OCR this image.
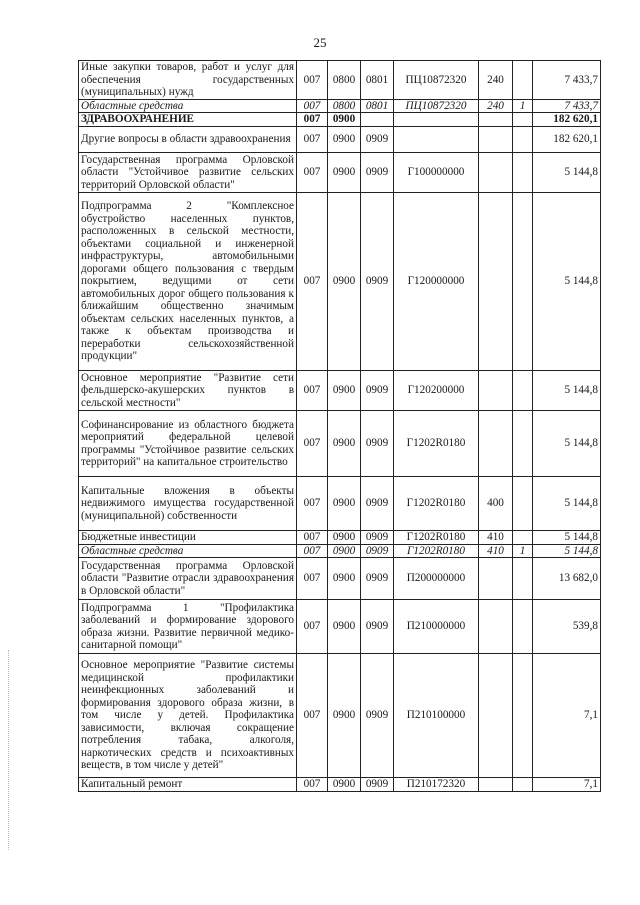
25
Иные закупки товаров, работ и услуг для обеспечения государственных (муниципальных) нужд	007	0800	0801	ПЦ10872320	240		7 433,7
Областные средства	007	0800	0801	ПЦ10872320	240	1	7 433,7
ЗДРАВООХРАНЕНИЕ	007	0900					182 620,1
Другие вопросы в области здравоохранения	007	0900	0909				182 620,1
Государственная программа Орловской области "Устойчивое развитие сельских территорий Орловской области"	007	0900	0909	Г100000000			5 144,8
Подпрограмма 2 "Комплексное обустройство населенных пунктов, расположенных в сельской местности, объектами социальной и инженерной инфраструктуры, автомобильными дорогами общего пользования с твердым покрытием, ведущими от сети автомобильных дорог общего пользования к ближайшим общественно значимым объектам сельских населенных пунктов, а также к объектам производства и переработки сельскохозяйственной продукции"	007	0900	0909	Г120000000			5 144,8
Основное мероприятие "Развитие сети фельдшерско-акушерских пунктов в сельской местности"	007	0900	0909	Г120200000			5 144,8
Софинансирование из областного бюджета мероприятий федеральной целевой программы "Устойчивое развитие сельских территорий" на капитальное строительство	007	0900	0909	Г1202R0180			5 144,8
Капитальные вложения в объекты недвижимого имущества государственной (муниципальной) собственности	007	0900	0909	Г1202R0180	400		5 144,8
Бюджетные инвестиции	007	0900	0909	Г1202R0180	410		5 144,8
Областные средства	007	0900	0909	Г1202R0180	410	1	5 144,8
Государственная программа Орловской области "Развитие отрасли здравоохранения в Орловской области"	007	0900	0909	П200000000			13 682,0
Подпрограмма 1 "Профилактика заболеваний и формирование здорового образа жизни. Развитие первичной медико-санитарной помощи"	007	0900	0909	П210000000			539,8
Основное мероприятие "Развитие системы медицинской профилактики неинфекционных заболеваний и формирования здорового образа жизни, в том числе у детей. Профилактика зависимости, включая сокращение потребления табака, алкоголя, наркотических средств и психоактивных веществ, в том числе у детей"	007	0900	0909	П210100000			7,1
Капитальный ремонт	007	0900	0909	П210172320			7,1
